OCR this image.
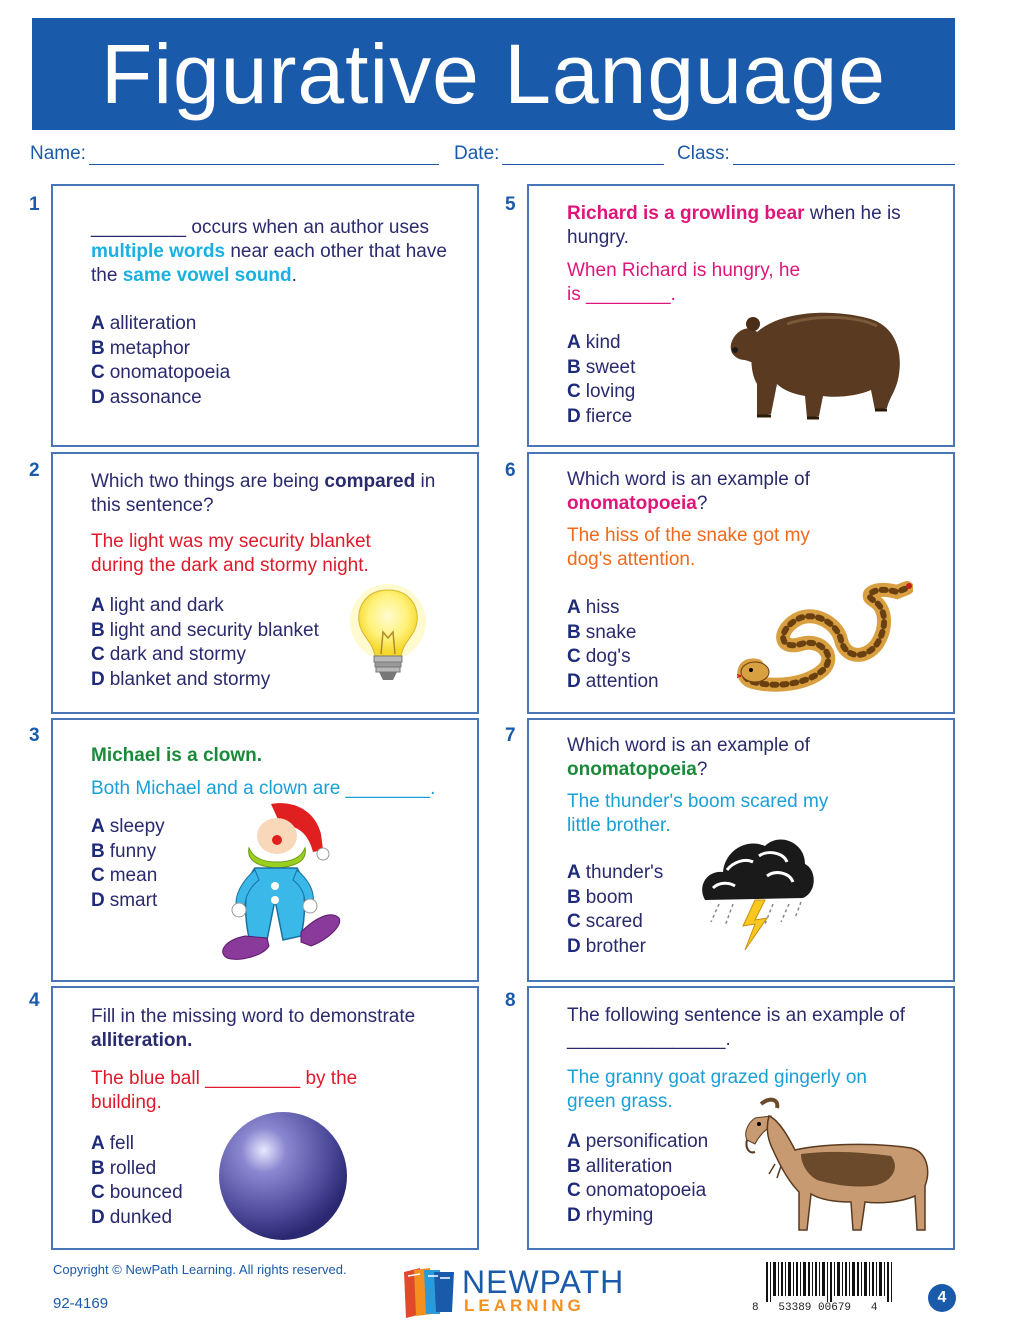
Figurative Language
Name:	Date:	Class:
1

_________ occurs when an author uses multiple words near each other that have the same vowel sound.

A alliteration
B metaphor
C onomatopoeia
D assonance
2

Which two things are being compared in this sentence?

The light was my security blanket during the dark and stormy night.

A light and dark
B light and security blanket
C dark and stormy
D blanket and stormy
3

Michael is a clown.

Both Michael and a clown are ________.

A sleepy
B funny
C mean
D smart
4

Fill in the missing word to demonstrate alliteration.

The blue ball _________ by the building.

A fell
B rolled
C bounced
D dunked
5	Richard is a growling bear when he is hungry.

When Richard is hungry, he is ________.

A kind
B sweet
C loving
D fierce
6	Which word is an example of onomatopoeia?

The hiss of the snake got my dog's attention.

A hiss
B snake
C dog's
D attention
7	Which word is an example of onomatopoeia?

The thunder's boom scared my little brother.

A thunder's
B boom
C scared
D brother
8

The following sentence is an example of _______________.

The granny goat grazed gingerly on green grass.

A personification
B alliteration
C onomatopoeia
D rhyming
Copyright © NewPath Learning. All rights reserved.
92-4169
NEWPATH
LEARNING	8   53389 00679   4
4
